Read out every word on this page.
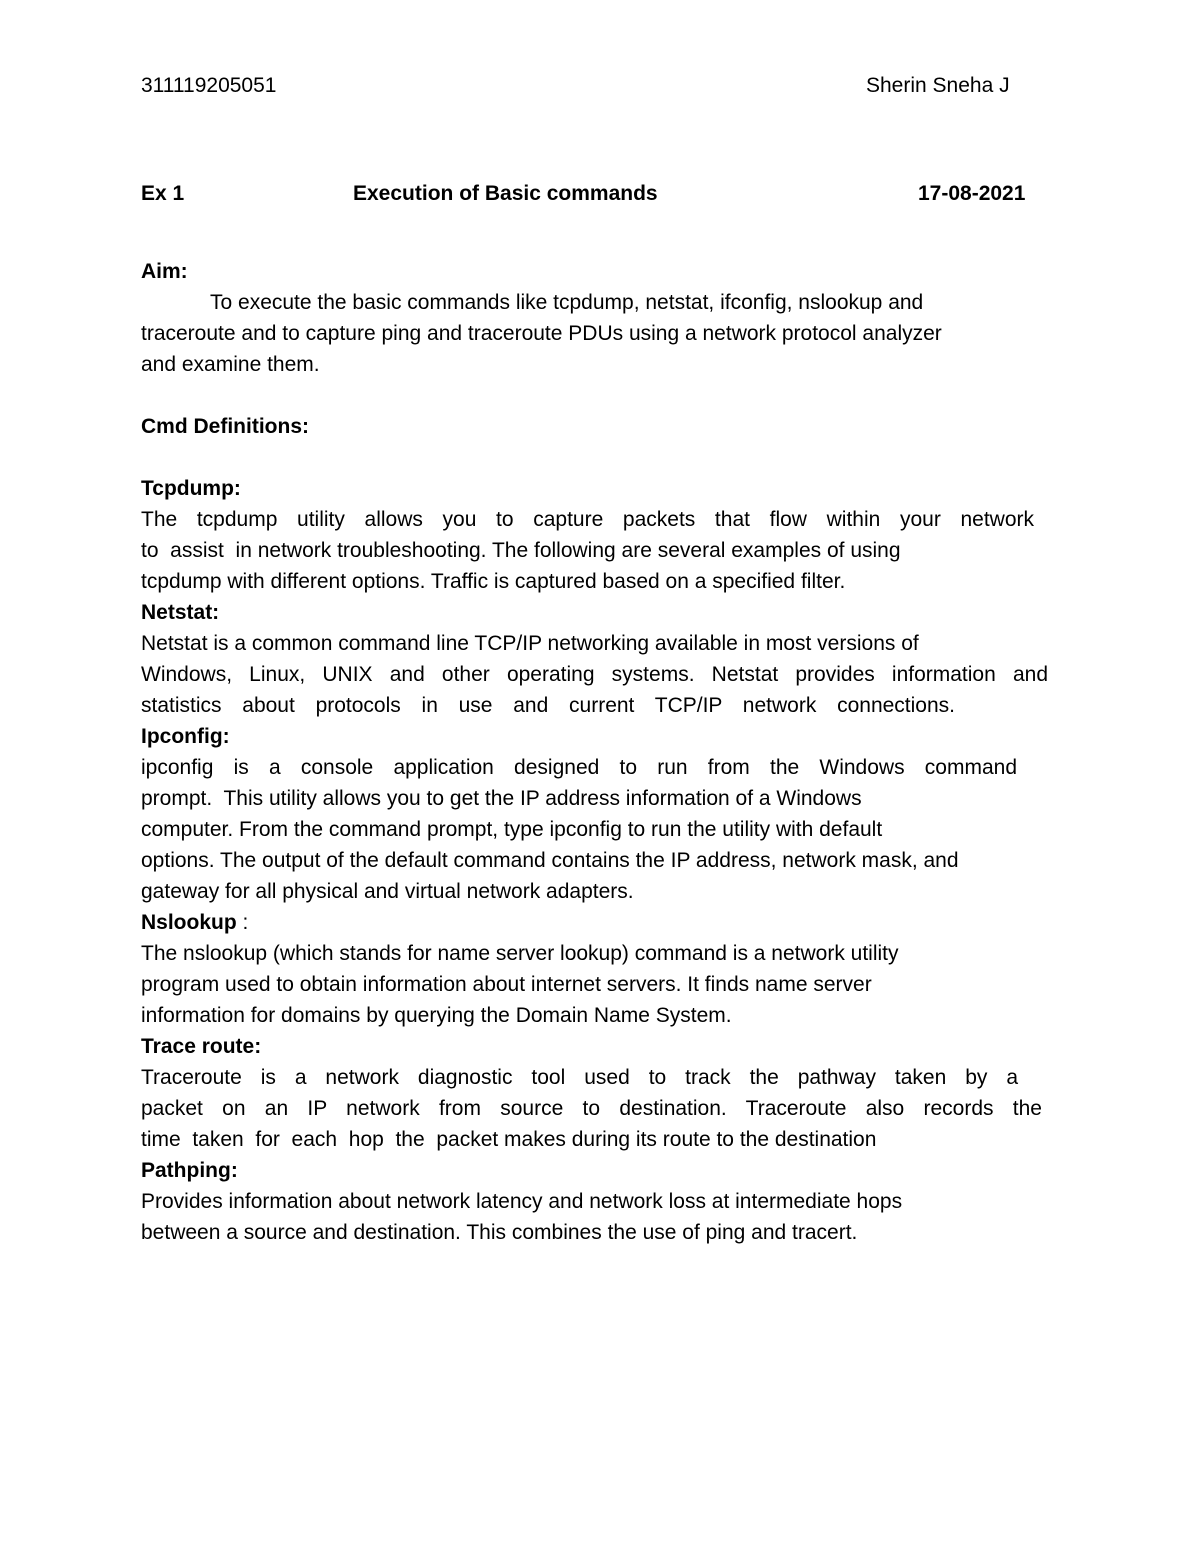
311119205051	Sherin Sneha J
Ex 1	Execution of Basic commands	17-08-2021

Aim:

To execute the basic commands like tcpdump, netstat, ifconfig, nslookup and

traceroute and to capture ping and traceroute PDUs using a network protocol analyzer

and examine them.

Cmd Definitions:

Tcpdump:

The tcpdump utility allows you to capture packets that flow within your network

to  assist  in network troubleshooting. The following are several examples of using

tcpdump with different options. Traffic is captured based on a specified filter.

Netstat:

Netstat is a common command line TCP/IP networking available in most versions of

Windows, Linux, UNIX and other operating systems. Netstat provides information and

statistics about protocols in use and current TCP/IP network connections.

Ipconfig:

ipconfig is a console application designed to run from the Windows command

prompt.  This utility allows you to get the IP address information of a Windows

computer. From the command prompt, type ipconfig to run the utility with default

options. The output of the default command contains the IP address, network mask, and

gateway for all physical and virtual network adapters.

Nslookup :

The nslookup (which stands for name server lookup) command is a network utility

program used to obtain information about internet servers. It finds name server

information for domains by querying the Domain Name System.

Trace route:

Traceroute is a network diagnostic tool used to track the pathway taken by a

packet on an IP network from source to destination. Traceroute also records the

time  taken  for  each  hop  the  packet makes during its route to the destination

Pathping:

Provides information about network latency and network loss at intermediate hops

between a source and destination. This combines the use of ping and tracert.
